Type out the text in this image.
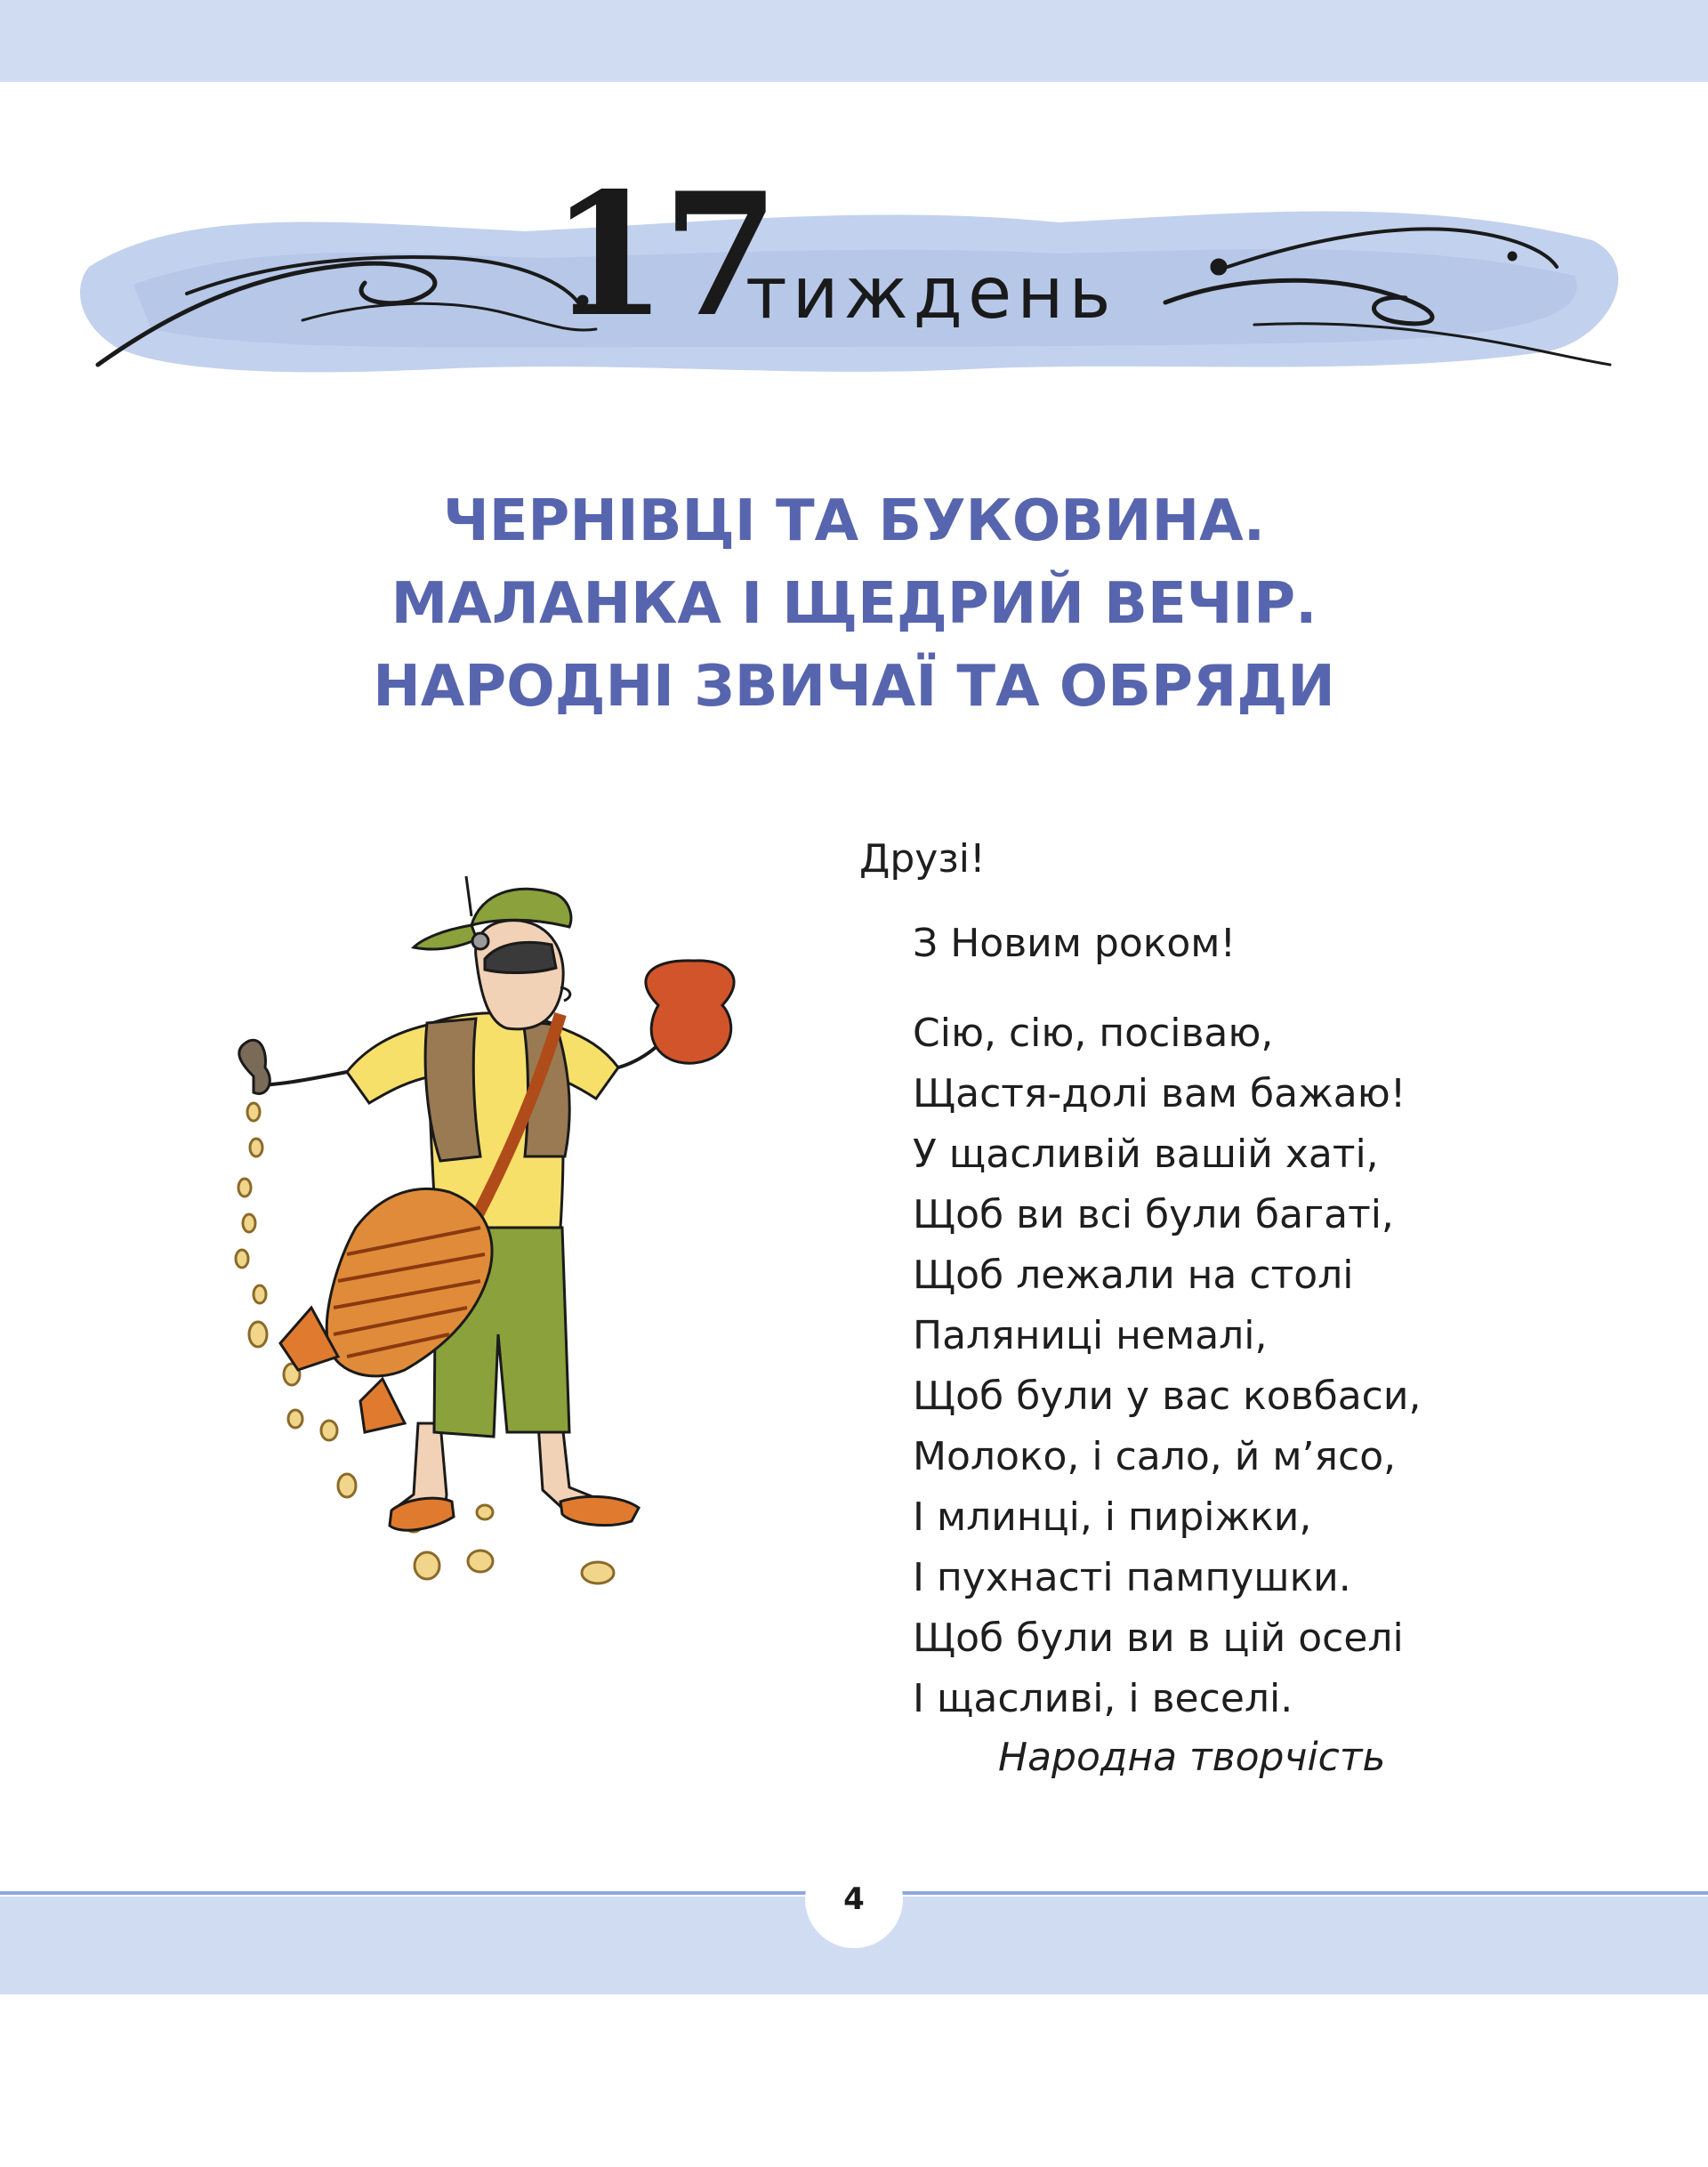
17
тиждень
ЧЕРНІВЦІ ТА БУКОВИНА.
МАЛАНКА І ЩЕДРИЙ ВЕЧІР.
НАРОДНІ ЗВИЧАЇ ТА ОБРЯДИ

Друзі!

З Новим роком!

Сію, сію, посіваю,
Щастя-долі вам бажаю!
У щасливій вашій хаті,
Щоб ви всі були багаті,
Щоб лежали на столі
Паляниці немалі,
Щоб були у вас ковбаси,
Молоко, і сало, й м’ясо,
І млинці, і пиріжки,
І пухнасті пампушки.
Щоб були ви в цій оселі
І щасливі, і веселі.

Народна творчість

4
